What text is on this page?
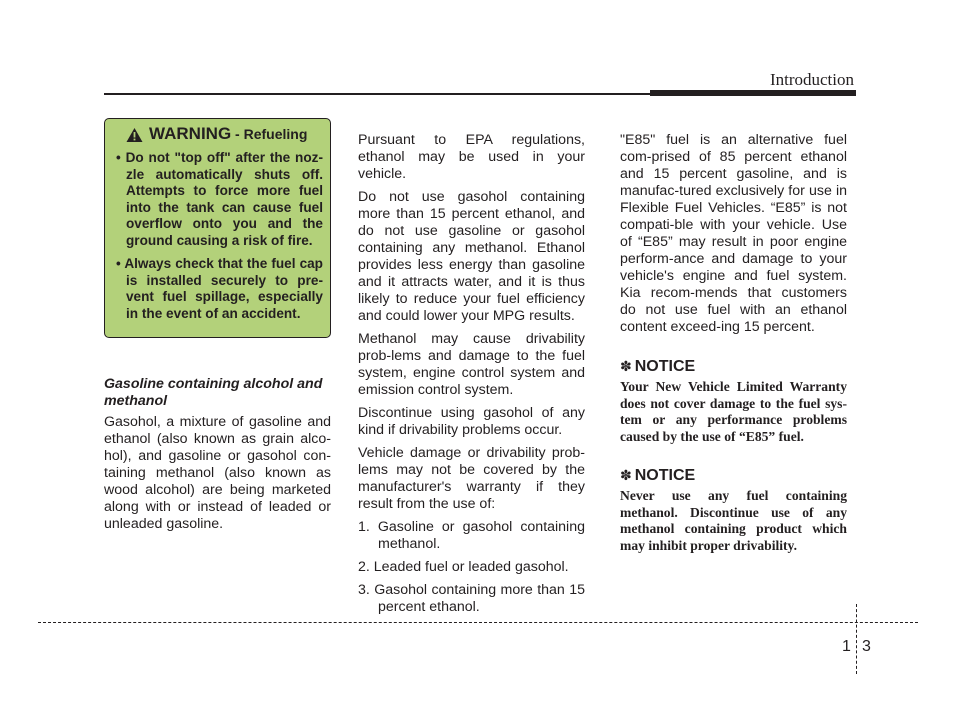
Introduction
WARNING - Refueling
• Do not "top off" after the noz-zle automatically shuts off. Attempts to force more fuel into the tank can cause fuel overflow onto you and the ground causing a risk of fire.
• Always check that the fuel cap is installed securely to pre-vent fuel spillage, especially in the event of an accident.
Gasoline containing alcohol and methanol

Gasohol, a mixture of gasoline and ethanol (also known as grain alco-hol), and gasoline or gasohol con-taining methanol (also known as wood alcohol) are being marketed along with or instead of leaded or unleaded gasoline.

Pursuant to EPA regulations, ethanol may be used in your vehicle.

Do not use gasohol containing more than 15 percent ethanol, and do not use gasoline or gasohol containing any methanol. Ethanol provides less energy than gasoline and it attracts water, and it is thus likely to reduce your fuel efficiency and could lower your MPG results.

Methanol may cause drivability prob-lems and damage to the fuel system, engine control system and emission control system.

Discontinue using gasohol of any kind if drivability problems occur.

Vehicle damage or drivability prob-lems may not be covered by the manufacturer's warranty if they result from the use of:

1. Gasoline or gasohol containing methanol.
2. Leaded fuel or leaded gasohol.
3. Gasohol containing more than 15 percent ethanol.

"E85" fuel is an alternative fuel com-prised of 85 percent ethanol and 15 percent gasoline, and is manufac-tured exclusively for use in Flexible Fuel Vehicles. “E85” is not compati-ble with your vehicle. Use of “E85” may result in poor engine perform-ance and damage to your vehicle's engine and fuel system. Kia recom-mends that customers do not use fuel with an ethanol content exceed-ing 15 percent.

✽ NOTICE

Your New Vehicle Limited Warranty does not cover damage to the fuel sys-tem or any performance problems caused by the use of “E85” fuel.

✽ NOTICE

Never use any fuel containing methanol. Discontinue use of any methanol containing product which may inhibit proper drivability.

1 3
